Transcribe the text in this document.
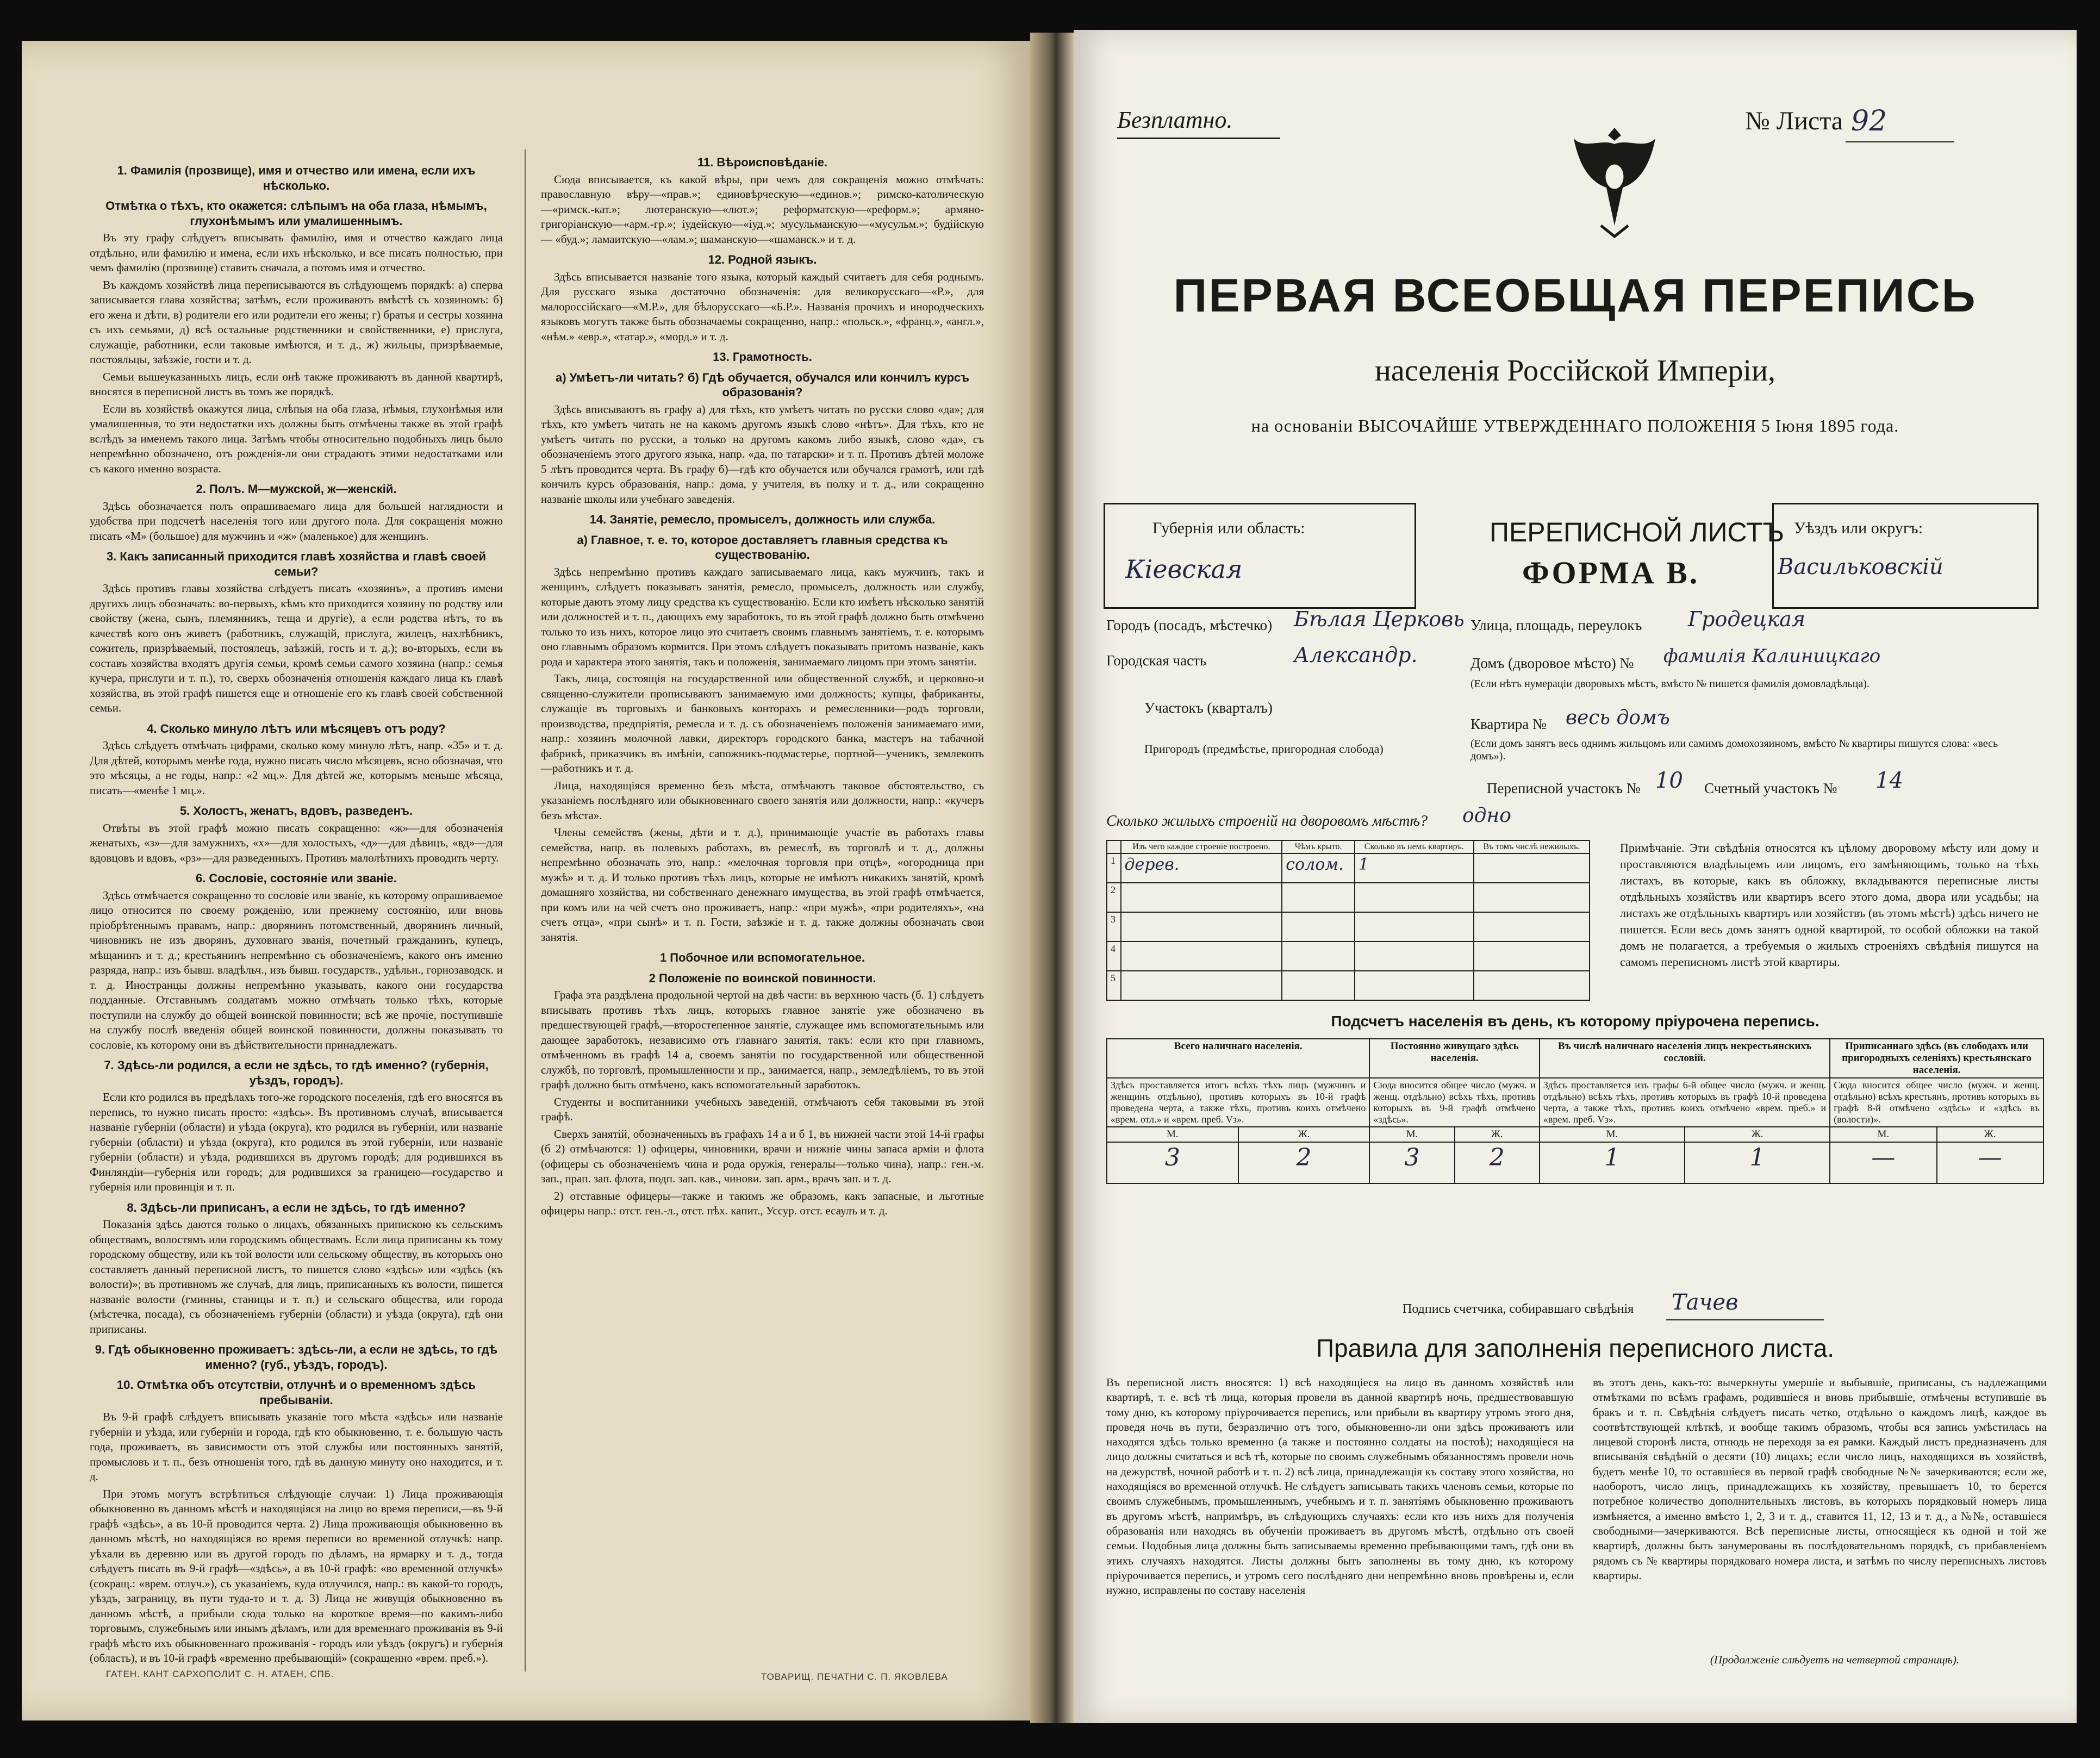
1. Фамилія (прозвище), имя и отчество или имена, если ихъ нѣсколько.
Отмѣтка о тѣхъ, кто окажется: слѣпымъ на оба глаза, нѣмымъ, глухонѣмымъ или умалишеннымъ.

Въ эту графу слѣдуетъ вписывать фамилію, имя и отчество каждаго лица отдѣльно, или фамилію и имена, если ихъ нѣсколько, и все писать полностью, при чемъ фамилію (прозвище) ставить сначала, а потомъ имя и отчество.

Въ каждомъ хозяйствѣ лица переписываются въ слѣдующемъ порядкѣ: а) сперва записывается глава хозяйства; затѣмъ, если проживаютъ вмѣстѣ съ хозяиномъ: б) его жена и дѣти, в) родители его или родители его жены; г) братья и сестры хозяина съ ихъ семьями, д) всѣ остальные родственники и свойственники, е) прислуга, служащіе, работники, если таковые имѣются, и т. д., ж) жильцы, призрѣваемые, постояльцы, заѣзжіе, гости и т. д.

Семьи вышеуказанныхъ лицъ, если онѣ также проживаютъ въ данной квартирѣ, вносятся в переписной листъ въ томъ же порядкѣ.

Если въ хозяйствѣ окажутся лица, слѣпыя на оба глаза, нѣмыя, глухонѣмыя или умалишенныя, то эти недостатки ихъ должны быть отмѣчены также въ этой графѣ вслѣдъ за именемъ такого лица. Затѣмъ чтобы относительно подобныхъ лицъ было непремѣнно обозначено, отъ рожденія-ли они страдаютъ этими недостатками или съ какого именно возраста.

2. Полъ. М—мужской, ж—женскій.

Здѣсь обозначается полъ опрашиваемаго лица для большей наглядности и удобства при подсчетѣ населенія того или другого пола. Для сокращенія можно писать «М» (большое) для мужчинъ и «ж» (маленькое) для женщинъ.

3. Какъ записанный приходится главѣ хозяйства и главѣ своей семьи?

Здѣсь противъ главы хозяйства слѣдуетъ писать «хозяинъ», а противъ имени другихъ лицъ обозначать: во-первыхъ, кѣмъ кто приходится хозяину по родству или свойству (жена, сынъ, племянникъ, теща и другіе), а если родства нѣтъ, то въ качествѣ кого онъ живетъ (работникъ, служащій, прислуга, жилецъ, нахлѣбникъ, сожитель, призрѣваемый, постоялецъ, заѣзжій, гость и т. д.); во-вторыхъ, если въ составъ хозяйства входятъ другія семьи, кромѣ семьи самого хозяина (напр.: семья кучера, прислуги и т. п.), то, сверхъ обозначенія отношенія каждаго лица къ главѣ хозяйства, въ этой графѣ пишется еще и отношеніе его къ главѣ своей собственной семьи.

4. Сколько минуло лѣтъ или мѣсяцевъ отъ роду?

Здѣсь слѣдуетъ отмѣчать цифрами, сколько кому минуло лѣтъ, напр. «35» и т. д. Для дѣтей, которымъ менѣе года, нужно писать число мѣсяцевъ, ясно обозначая, что это мѣсяцы, а не годы, напр.: «2 мц.». Для дѣтей же, которымъ меньше мѣсяца, писать—«менѣе 1 мц.».

5. Холостъ, женатъ, вдовъ, разведенъ.

Отвѣты въ этой графѣ можно писать сокращенно: «ж»—для обозначенія женатыхъ, «з»—для замужнихъ, «х»—для холостыхъ, «д»—для дѣвицъ, «вд»—для вдовцовъ и вдовъ, «рз»—для разведенныхъ. Противъ малолѣтнихъ проводить черту.

6. Сословіе, состояніе или званіе.

Здѣсь отмѣчается сокращенно то сословіе или званіе, къ которому опрашиваемое лицо относится по своему рожденію, или прежнему состоянію, или вновь пріобрѣтеннымъ правамъ, напр.: дворянинъ потомственный, дворянинъ личный, чиновникъ не изъ дворянъ, духовнаго званія, почетный гражданинъ, купецъ, мѣщанинъ и т. д.; крестьянинъ непремѣнно съ обозначеніемъ, какого онъ именно разряда, напр.: изъ бывш. владѣльч., изъ бывш. государств., удѣльн., горнозаводск. и т. д. Иностранцы должны непремѣнно указывать, какого они государства подданные. Отставнымъ солдатамъ можно отмѣчать только тѣхъ, которые поступили на службу до общей воинской повинности; всѣ же прочіе, поступившіе на службу послѣ введенія общей воинской повинности, должны показывать то сословіе, къ которому они въ дѣйствительности принадлежатъ.

7. Здѣсь-ли родился, а если не здѣсь, то гдѣ именно? (губернія, уѣздъ, городъ).

Если кто родился въ предѣлахъ того-же городского поселенія, гдѣ его вносятся въ перепись, то нужно писать просто: «здѣсь». Въ противномъ случаѣ, вписывается названіе губерніи (области) и уѣзда (округа), кто родился въ губерніи, или названіе губерніи (области) и уѣзда (округа), кто родился въ этой губерніи, или названіе губерніи (области) и уѣзда, родившихся въ другомъ городѣ; для родившихся въ Финляндіи—губернія или городъ; для родившихся за границею—государство и губернія или провинція и т. п.

8. Здѣсь-ли приписанъ, а если не здѣсь, то гдѣ именно?

Показанія здѣсь даются только о лицахъ, обязанныхъ припискою къ сельскимъ обществамъ, волостямъ или городскимъ обществамъ. Если лица приписаны къ тому городскому обществу, или къ той волости или сельскому обществу, въ которыхъ оно составляетъ данный переписной листъ, то пишется слово «здѣсь» или «здѣсь (къ волости)»; въ противномъ же случаѣ, для лицъ, приписанныхъ къ волости, пишется названіе волости (гминны, станицы и т. п.) и сельскаго общества, или города (мѣстечка, посада), съ обозначеніемъ губерніи (области) и уѣзда (округа), гдѣ они приписаны.

9. Гдѣ обыкновенно проживаетъ: здѣсь-ли, а если не здѣсь, то гдѣ именно? (губ., уѣздъ, городъ).
10. Отмѣтка объ отсутствіи, отлучнѣ и о временномъ здѣсь пребываніи.

Въ 9-й графѣ слѣдуетъ вписывать указаніе того мѣста «здѣсь» или названіе губерніи и уѣзда, или губерніи и города, гдѣ кто обыкновенно, т. е. большую часть года, проживаетъ, въ зависимости отъ этой службы или постоянныхъ занятій, промысловъ и т. п., безъ отношенія того, гдѣ въ данную минуту оно находится, и т. д.

При этомъ могутъ встрѣтиться слѣдующіе случаи: 1) Лица проживающія обыкновенно въ данномъ мѣстѣ и находящіяся на лицо во время переписи,—въ 9-й графѣ «здѣсь», а въ 10-й проводится черта. 2) Лица проживающія обыкновенно въ данномъ мѣстѣ, но находящіяся во время переписи во временной отлучкѣ: напр. уѣхали въ деревню или въ другой городъ по дѣламъ, на ярмарку и т. д., тогда слѣдуетъ писать въ 9-й графѣ—«здѣсь», а въ 10-й графѣ: «во временной отлучкѣ» (сокращ.: «врем. отлуч.»), съ указаніемъ, куда отлучился, напр.: въ какой-то городъ, уѣздъ, заграницу, въ пути туда-то и т. д. 3) Лица не живущія обыкновенно въ данномъ мѣстѣ, а прибыли сюда только на короткое время—по какимъ-либо торговымъ, служебнымъ или инымъ дѣламъ, или для временнаго проживанія въ 9-й графѣ мѣсто ихъ обыкновеннаго проживанія - городъ или уѣздъ (округъ) и губернія (область), и въ 10-й графѣ «временно пребывающій» (сокращенно «врем. преб.»).

11. Вѣроисповѣданіе.

Сюда вписывается, къ какой вѣры, при чемъ для сокращенія можно отмѣчать: православную вѣру—«прав.»; единовѣрческую—«единов.»; римско-католическую—«римск.-кат.»; лютеранскую—«лют.»; реформатскую—«реформ.»; армяно-григоріанскую—«арм.-гр.»; іудейскую—«іуд.»; мусульманскую—«мусульм.»; будійскую — «буд.»; ламаитскую—«лам.»; шаманскую—«шаманск.» и т. д.

12. Родной языкъ.

Здѣсь вписывается названіе того языка, который каждый считаетъ для себя роднымъ. Для русскаго языка достаточно обозначенія: для великорусскаго—«Р.», для малороссійскаго—«М.Р.», для бѣлорусскаго—«Б.Р.». Названія прочихъ и инородческихъ языковъ могутъ также быть обозначаемы сокращенно, напр.: «польск.», «франц.», «англ.», «нѣм.» «евр.», «татар.», «морд.» и т. д.

13. Грамотность.
а) Умѣетъ-ли читать? б) Гдѣ обучается, обучался или кончилъ курсъ образованія?

Здѣсь вписываютъ въ графу а) для тѣхъ, кто умѣетъ читать по русски слово «да»; для тѣхъ, кто умѣетъ читать не на какомъ другомъ языкѣ слово «нѣтъ». Для тѣхъ, кто не умѣетъ читать по русски, а только на другомъ какомъ либо языкѣ, слово «да», съ обозначеніемъ этого другого языка, напр. «да, по татарски» и т. п. Противъ дѣтей моложе 5 лѣтъ проводится черта. Въ графу б)—гдѣ кто обучается или обучался грамотѣ, или гдѣ кончилъ курсъ образованія, напр.: дома, у учителя, въ полку и т. д., или сокращенно названіе школы или учебнаго заведенія.

14. Занятіе, ремесло, промыселъ, должность или служба.
а) Главное, т. е. то, которое доставляетъ главныя средства къ существованію.

Здѣсь непремѣнно противъ каждаго записываемаго лица, какъ мужчинъ, такъ и женщинъ, слѣдуетъ показывать занятія, ремесло, промыселъ, должность или службу, которые даютъ этому лицу средства къ существованію. Если кто имѣетъ нѣсколько занятій или должностей и т. п., дающихъ ему заработокъ, то въ этой графѣ должно быть отмѣчено только то изъ нихъ, которое лицо это считаетъ своимъ главнымъ занятіемъ, т. е. которымъ оно главнымъ образомъ кормится. При этомъ слѣдуетъ показывать притомъ названіе, какъ рода и характера этого занятія, такъ и положенія, занимаемаго лицомъ при этомъ занятіи.

Такъ, лица, состоящія на государственной или общественной службѣ, и церковно-и священно-служители прописываютъ занимаемую ими должность; купцы, фабриканты, служащіе въ торговыхъ и банковыхъ конторахъ и ремесленники—родъ торговли, производства, предпріятія, ремесла и т. д. съ обозначеніемъ положенія занимаемаго ими, напр.: хозяинъ молочной лавки, директоръ городского банка, мастеръ на табачной фабрикѣ, приказчикъ въ имѣніи, сапожникъ-подмастерье, портной—ученикъ, землекопъ—работникъ и т. д.

Лица, находящіяся временно безъ мѣста, отмѣчаютъ таковое обстоятельство, съ указаніемъ послѣдняго или обыкновеннаго своего занятія или должности, напр.: «кучеръ безъ мѣста».

Члены семействъ (жены, дѣти и т. д.), принимающіе участіе въ работахъ главы семейства, напр. въ полевыхъ работахъ, въ ремеслѣ, въ торговлѣ и т. д., должны непремѣнно обозначать это, напр.: «мелочная торговля при отцѣ», «огородница при мужѣ» и т. д. И только противъ тѣхъ лицъ, которые не имѣютъ никакихъ занятій, кромѣ домашняго хозяйства, ни собственнаго денежнаго имущества, въ этой графѣ отмѣчается, при комъ или на чей счетъ оно проживаетъ, напр.: «при мужѣ», «при родителяхъ», «на счетъ отца», «при сынѣ» и т. п. Гости, заѣзжіе и т. д. также должны обозначать свои занятія.

1 Побочное или вспомогательное.
2 Положеніе по воинской повинности.

Графа эта раздѣлена продольной чертой на двѣ части: въ верхнюю часть (б. 1) слѣдуетъ вписывать противъ тѣхъ лицъ, которыхъ главное занятіе уже обозначено въ предшествующей графѣ,—второстепенное занятіе, служащее имъ вспомогательнымъ или дающее заработокъ, независимо отъ главнаго занятія, такъ: если кто при главномъ, отмѣченномъ въ графѣ 14 а, своемъ занятіи по государственной или общественной службѣ, по торговлѣ, промышленности и пр., занимается, напр., земледѣліемъ, то въ этой графѣ должно быть отмѣчено, какъ вспомогательный заработокъ.

Студенты и воспитанники учебныхъ заведеній, отмѣчаютъ себя таковыми въ этой графѣ.

Сверхъ занятій, обозначенныхъ въ графахъ 14 а и б 1, въ нижней части этой 14-й графы (б 2) отмѣчаются: 1) офицеры, чиновники, врачи и нижніе чины запаса арміи и флота (офицеры съ обозначеніемъ чина и рода оружія, генералы—только чина), напр.: ген.-м. зап., прап. зап. флота, подп. зап. кав., чинови. зап. арм., врачъ зап. и т. д.

2) отставные офицеры—также и такимъ же образомъ, какъ запасные, и льготные офицеры напр.: отст. ген.-л., отст. пѣх. капит., Уссур. отст. есаулъ и т. д.

ГАТЕН. КАНТ САРХОПОЛИТ С. Н. АТАЕН, СПБ.	ТОВАРИЩ. ПЕЧАТНИ С. П. ЯКОВЛЕВА
Безплатно.	№ Листа 92
ПЕРВАЯ ВСЕОБЩАЯ ПЕРЕПИСЬ
населенія Россійской Имперіи,
на основаніи ВЫСОЧАЙШЕ УТВЕРЖДЕННАГО ПОЛОЖЕНІЯ 5 Іюня 1895 года.
Губернія или область:
Кіевская
ПЕРЕПИСНОЙ ЛИСТЪ
ФОРМА В.
Уѣздъ или округъ:
Васильковскій
Городъ (посадъ, мѣстечко) Бѣлая Церковь Улица, площадь, переулокъ Гродецкая
Городская часть	Александр.	Домъ (дворовое мѣсто) № фамилія Калиницкаго
(Если нѣтъ нумераціи дворовыхъ мѣстъ, вмѣсто № пишется фамилія домовладѣльца).
Участокъ (кварталъ)
Квартира № весь домъ
(Если домъ занятъ весь однимъ жильцомъ или самимъ домохозяиномъ, вмѣсто № квартиры пишутся слова: «весь домъ»).
Пригородъ (предмѣстье, пригородная слобода)
Переписной участокъ № 10 Счетный участокъ № 14
Сколько жилыхъ строеній на дворовомъ мѣстѣ? одно
	Изъ чего каждое строеніе построено.	Чѣмъ крыто.	Сколько въ немъ квартиръ.	Въ томъ числѣ нежилыхъ.
1	дерев.	солом.	1	
2				
3				
4				
5				
Примѣчаніе. Эти свѣдѣнія относятся къ цѣлому дворовому мѣсту или дому и проставляются владѣльцемъ или лицомъ, его замѣняющимъ, только на тѣхъ листахъ, въ которые, какъ въ обложку, вкладываются переписные листы отдѣльныхъ хозяйствъ или квартиръ всего этого дома, двора или усадьбы; на листахъ же отдѣльныхъ квартиръ или хозяйствъ (въ этомъ мѣстѣ) здѣсь ничего не пишется. Если весь домъ занятъ одной квартирой, то особой обложки на такой домъ не полагается, а требуемыя о жилыхъ строеніяхъ свѣдѣнія пишутся на самомъ переписномъ листѣ этой квартиры.
Подсчетъ населенія въ день, къ которому пріурочена перепись.
Всего наличнаго населенія.		Постоянно живущаго здѣсь населенія.		Въ числѣ наличнаго населенія лицъ некрестьянскихъ сословій.		Приписаннаго здѣсь (въ слободахъ или пригородныхъ селеніяхъ) крестьянскаго населенія.	
Здѣсь проставляется итогъ всѣхъ тѣхъ лицъ (мужчинъ и женщинъ отдѣльно), противъ которыхъ въ 10-й графѣ проведена черта, а также тѣхъ, противъ коихъ отмѣчено «врем. отл.» и «врем. преб. Vз».		Сюда вносится общее число (мужч. и женщ. отдѣльно) всѣхъ тѣхъ, противъ которыхъ въ 9-й графѣ отмѣчено «здѣсь».		Здѣсь проставляется изъ графы 6-й общее число (мужч. и женщ. отдѣльно) всѣхъ тѣхъ, противъ которыхъ въ графѣ 10-й проведена черта, а также тѣхъ, противъ коихъ отмѣчено «врем. преб.» и «врем. преб. Vз».		Сюда вносится общее число (мужч. и женщ. отдѣльно) всѣхъ крестьянъ, противъ которыхъ въ графѣ 8-й отмѣчено «здѣсь» и «здѣсь въ (волости)».	
М.	Ж.	М.	Ж.	М.	Ж.	М.	Ж.
3	2	3	2	1	1	—	—
Подпись счетчика, собиравшаго свѣдѣнія Тачев
Правила для заполненія переписного листа.
Въ переписной листъ вносятся: 1) всѣ находящіеся на лицо въ данномъ хозяйствѣ или квартирѣ, т. е. всѣ тѣ лица, которыя провели въ данной квартирѣ ночь, предшествовавшую тому дню, къ которому пріурочивается перепись, или прибыли въ квартиру утромъ этого дня, проведя ночь въ пути, безразлично отъ того, обыкновенно-ли они здѣсь проживаютъ или находятся здѣсь только временно (а также и постоянно солдаты на постоѣ); находящіеся на лицо должны считаться и всѣ тѣ, которые по своимъ служебнымъ обязанностямъ провели ночь на дежурствѣ, ночной работѣ и т. п. 2) всѣ лица, принадлежащія къ составу этого хозяйства, но находящіяся во временной отлучкѣ. Не слѣдуетъ записывать такихъ членовъ семьи, которые по своимъ служебнымъ, промышленнымъ, учебнымъ и т. п. занятіямъ обыкновенно проживаютъ въ другомъ мѣстѣ, напримѣръ, въ слѣдующихъ случаяхъ: если кто изъ нихъ для полученія образованія или находясь въ обученіи проживаетъ въ другомъ мѣстѣ, отдѣльно отъ своей семьи. Подобныя лица должны быть записываемы временно пребывающими тамъ, гдѣ они въ этихъ случаяхъ находятся. Листы должны быть заполнены въ тому дню, къ которому пріурочивается перепись, и утромъ сего послѣдняго дни непремѣнно вновь провѣрены и, если нужно, исправлены по составу населенія
въ этотъ день, какъ-то: вычеркнуты умершіе и выбывшіе, приписаны, съ надлежащими отмѣтками по всѣмъ графамъ, родившіеся и вновь прибывшіе, отмѣчены вступившіе въ бракъ и т. п. Свѣдѣнія слѣдуетъ писать четко, отдѣльно о каждомъ лицѣ, каждое въ соотвѣтствующей клѣткѣ, и вообще такимъ образомъ, чтобы вся запись умѣстилась на лицевой сторонѣ листа, отнюдь не переходя за ея рамки. Каждый листъ предназначенъ для вписыванія свѣдѣній о десяти (10) лицахъ; если число лицъ, находящихся въ хозяйствѣ, будетъ менѣе 10, то оставшіеся въ первой графѣ свободные №№ зачеркиваются; если же, наоборотъ, число лицъ, принадлежащихъ къ хозяйству, превышаетъ 10, то берется потребное количество дополнительныхъ листовъ, въ которыхъ порядковый номеръ лица измѣняется, а именно вмѣсто 1, 2, 3 и т. д., ставится 11, 12, 13 и т. д., а №№, оставшіеся свободными—зачеркиваются. Всѣ переписные листы, относящіеся къ одной и той же квартирѣ, должны быть занумерованы въ послѣдовательномъ порядкѣ, съ прибавленіемъ рядомъ съ № квартиры порядковаго номера листа, и затѣмъ по числу переписныхъ листовъ квартиры.
(Продолженіе слѣдуетъ на четвертой страницѣ).
